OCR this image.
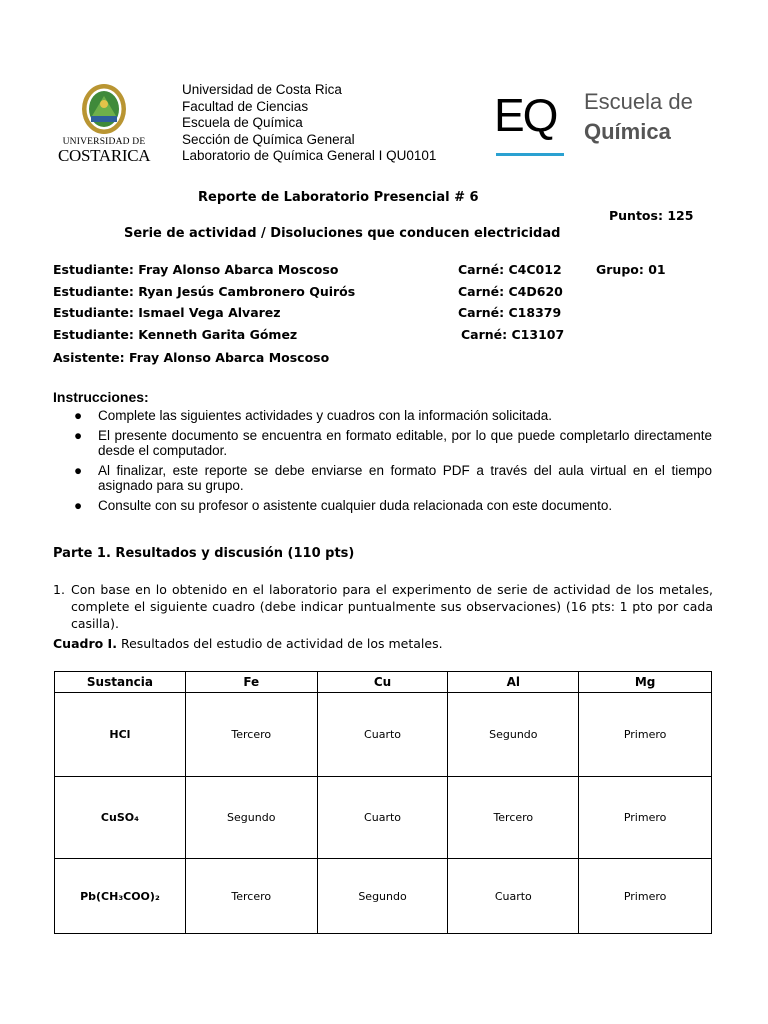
UNIVERSIDAD DE
COSTARICA
Universidad de Costa Rica
Facultad de Ciencias
Escuela de Química
Sección de Química General
Laboratorio de Química General I QU0101
EQ Escuela de
Química
Reporte de Laboratorio Presencial # 6
Puntos: 125
Serie de actividad / Disoluciones que conducen electricidad
Estudiante: Fray Alonso Abarca Moscoso	Carné: C4C012	Grupo: 01
Estudiante: Ryan Jesús Cambronero Quirós	Carné: C4D620
Estudiante: Ismael Vega Alvarez	Carné: C18379
Estudiante: Kenneth Garita Gómez	Carné: C13107
Asistente: Fray Alonso Abarca Moscoso
Instrucciones:
● Complete las siguientes actividades y cuadros con la información solicitada.
● El presente documento se encuentra en formato editable, por lo que puede completarlo directamente desde el computador.
● Al finalizar, este reporte se debe enviarse en formato PDF a través del aula virtual en el tiempo asignado para su grupo.
● Consulte con su profesor o asistente cualquier duda relacionada con este documento.
Parte 1. Resultados y discusión (110 pts)
1. Con base en lo obtenido en el laboratorio para el experimento de serie de actividad de los metales, complete el siguiente cuadro (debe indicar puntualmente sus observaciones) (16 pts: 1 pto por cada casilla).
Cuadro I. Resultados del estudio de actividad de los metales.
Sustancia	Fe	Cu	Al	Mg
HCl	Tercero	Cuarto	Segundo	Primero
CuSO₄	Segundo	Cuarto	Tercero	Primero
Pb(CH₃COO)₂	Tercero	Segundo	Cuarto	Primero
